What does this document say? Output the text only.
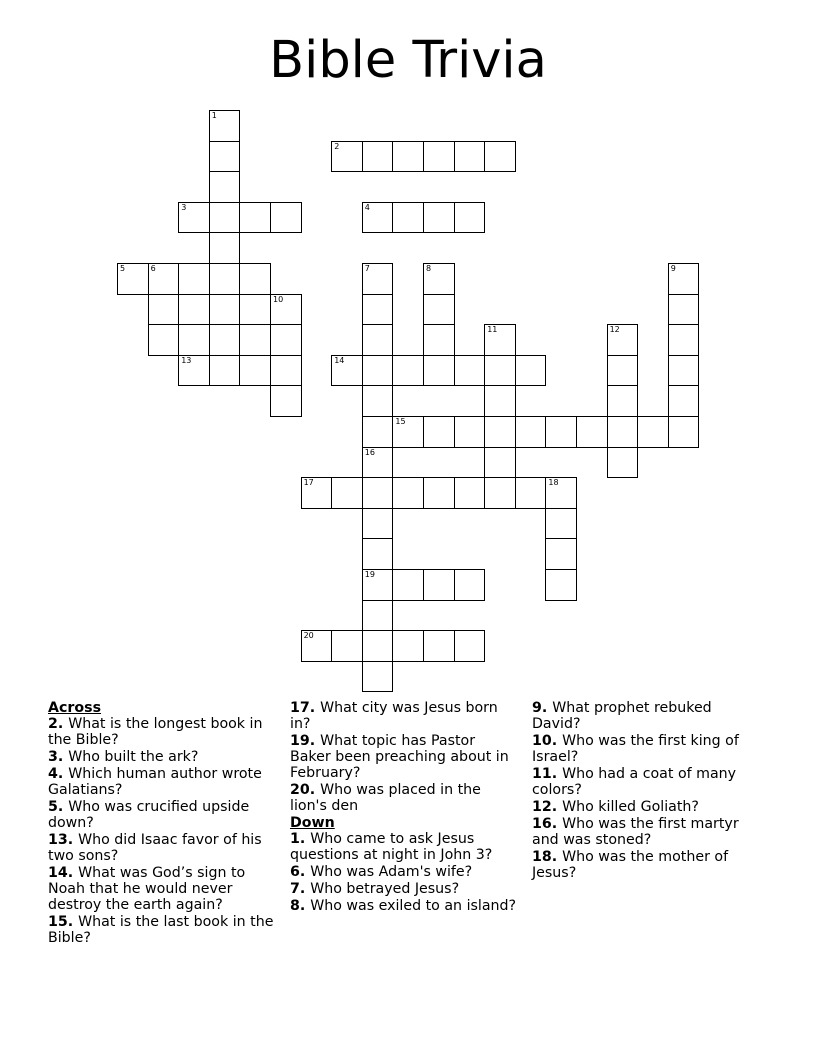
Bible Trivia
1
2
3	4
5	6
13
10
7
16
8
14
11	12
9
15
17	18
19
20

Across

2. What is the longest book in the Bible?

3. Who built the ark?

4. Which human author wrote Galatians?

5. Who was crucified upside down?

13. Who did Isaac favor of his two sons?

14. What was God’s sign to Noah that he would never destroy the earth again?

15. What is the last book in the Bible?

17. What city was Jesus born in?

19. What topic has Pastor Baker been preaching about in February?

20. Who was placed in the lion's den

Down

1. Who came to ask Jesus questions at night in John 3?

6. Who was Adam's wife?

7. Who betrayed Jesus?

8. Who was exiled to an island?

9. What prophet rebuked David?

10. Who was the first king of Israel?

11. Who had a coat of many colors?

12. Who killed Goliath?

16. Who was the first martyr and was stoned?

18. Who was the mother of Jesus?
